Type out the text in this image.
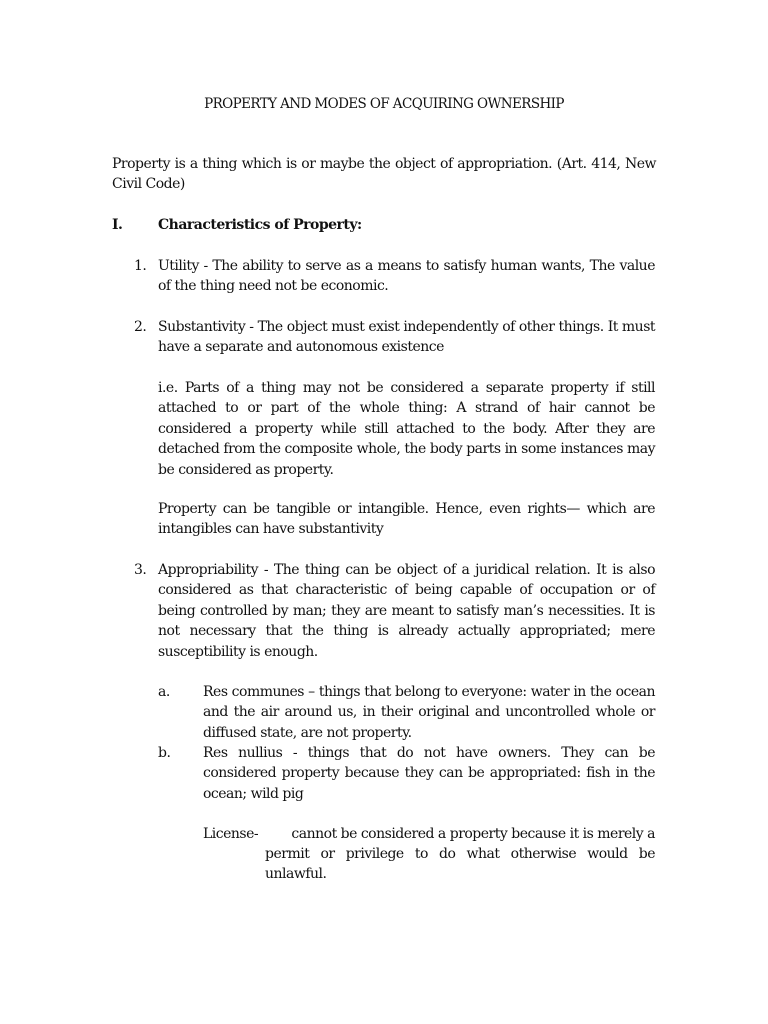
PROPERTY AND MODES OF ACQUIRING OWNERSHIP
Property is a thing which is or maybe the object of appropriation. (Art. 414, New Civil Code)
I.	Characteristics of Property:
1. Utility - The ability to serve as a means to satisfy human wants, The value of the thing need not be economic.
2. Substantivity - The object must exist independently of other things. It must have a separate and autonomous existence
i.e. Parts of a thing may not be considered a separate property if still attached to or part of the whole thing: A strand of hair cannot be considered a property while still attached to the body. After they are detached from the composite whole, the body parts in some instances may be considered as property.
Property can be tangible or intangible. Hence, even rights— which are intangibles can have substantivity
3. Appropriability - The thing can be object of a juridical relation. It is also considered as that characteristic of being capable of occupation or of being controlled by man; they are meant to satisfy man’s necessities. It is not necessary that the thing is already actually appropriated; mere susceptibility is enough.
a. Res communes – things that belong to everyone: water in the ocean and the air around us, in their original and uncontrolled whole or diffused state, are not property.
b. Res nullius - things that do not have owners. They can be considered property because they can be appropriated: fish in the ocean; wild pig
License-	cannot be considered a property because it is merely a
permit or privilege to do what otherwise would be unlawful.
